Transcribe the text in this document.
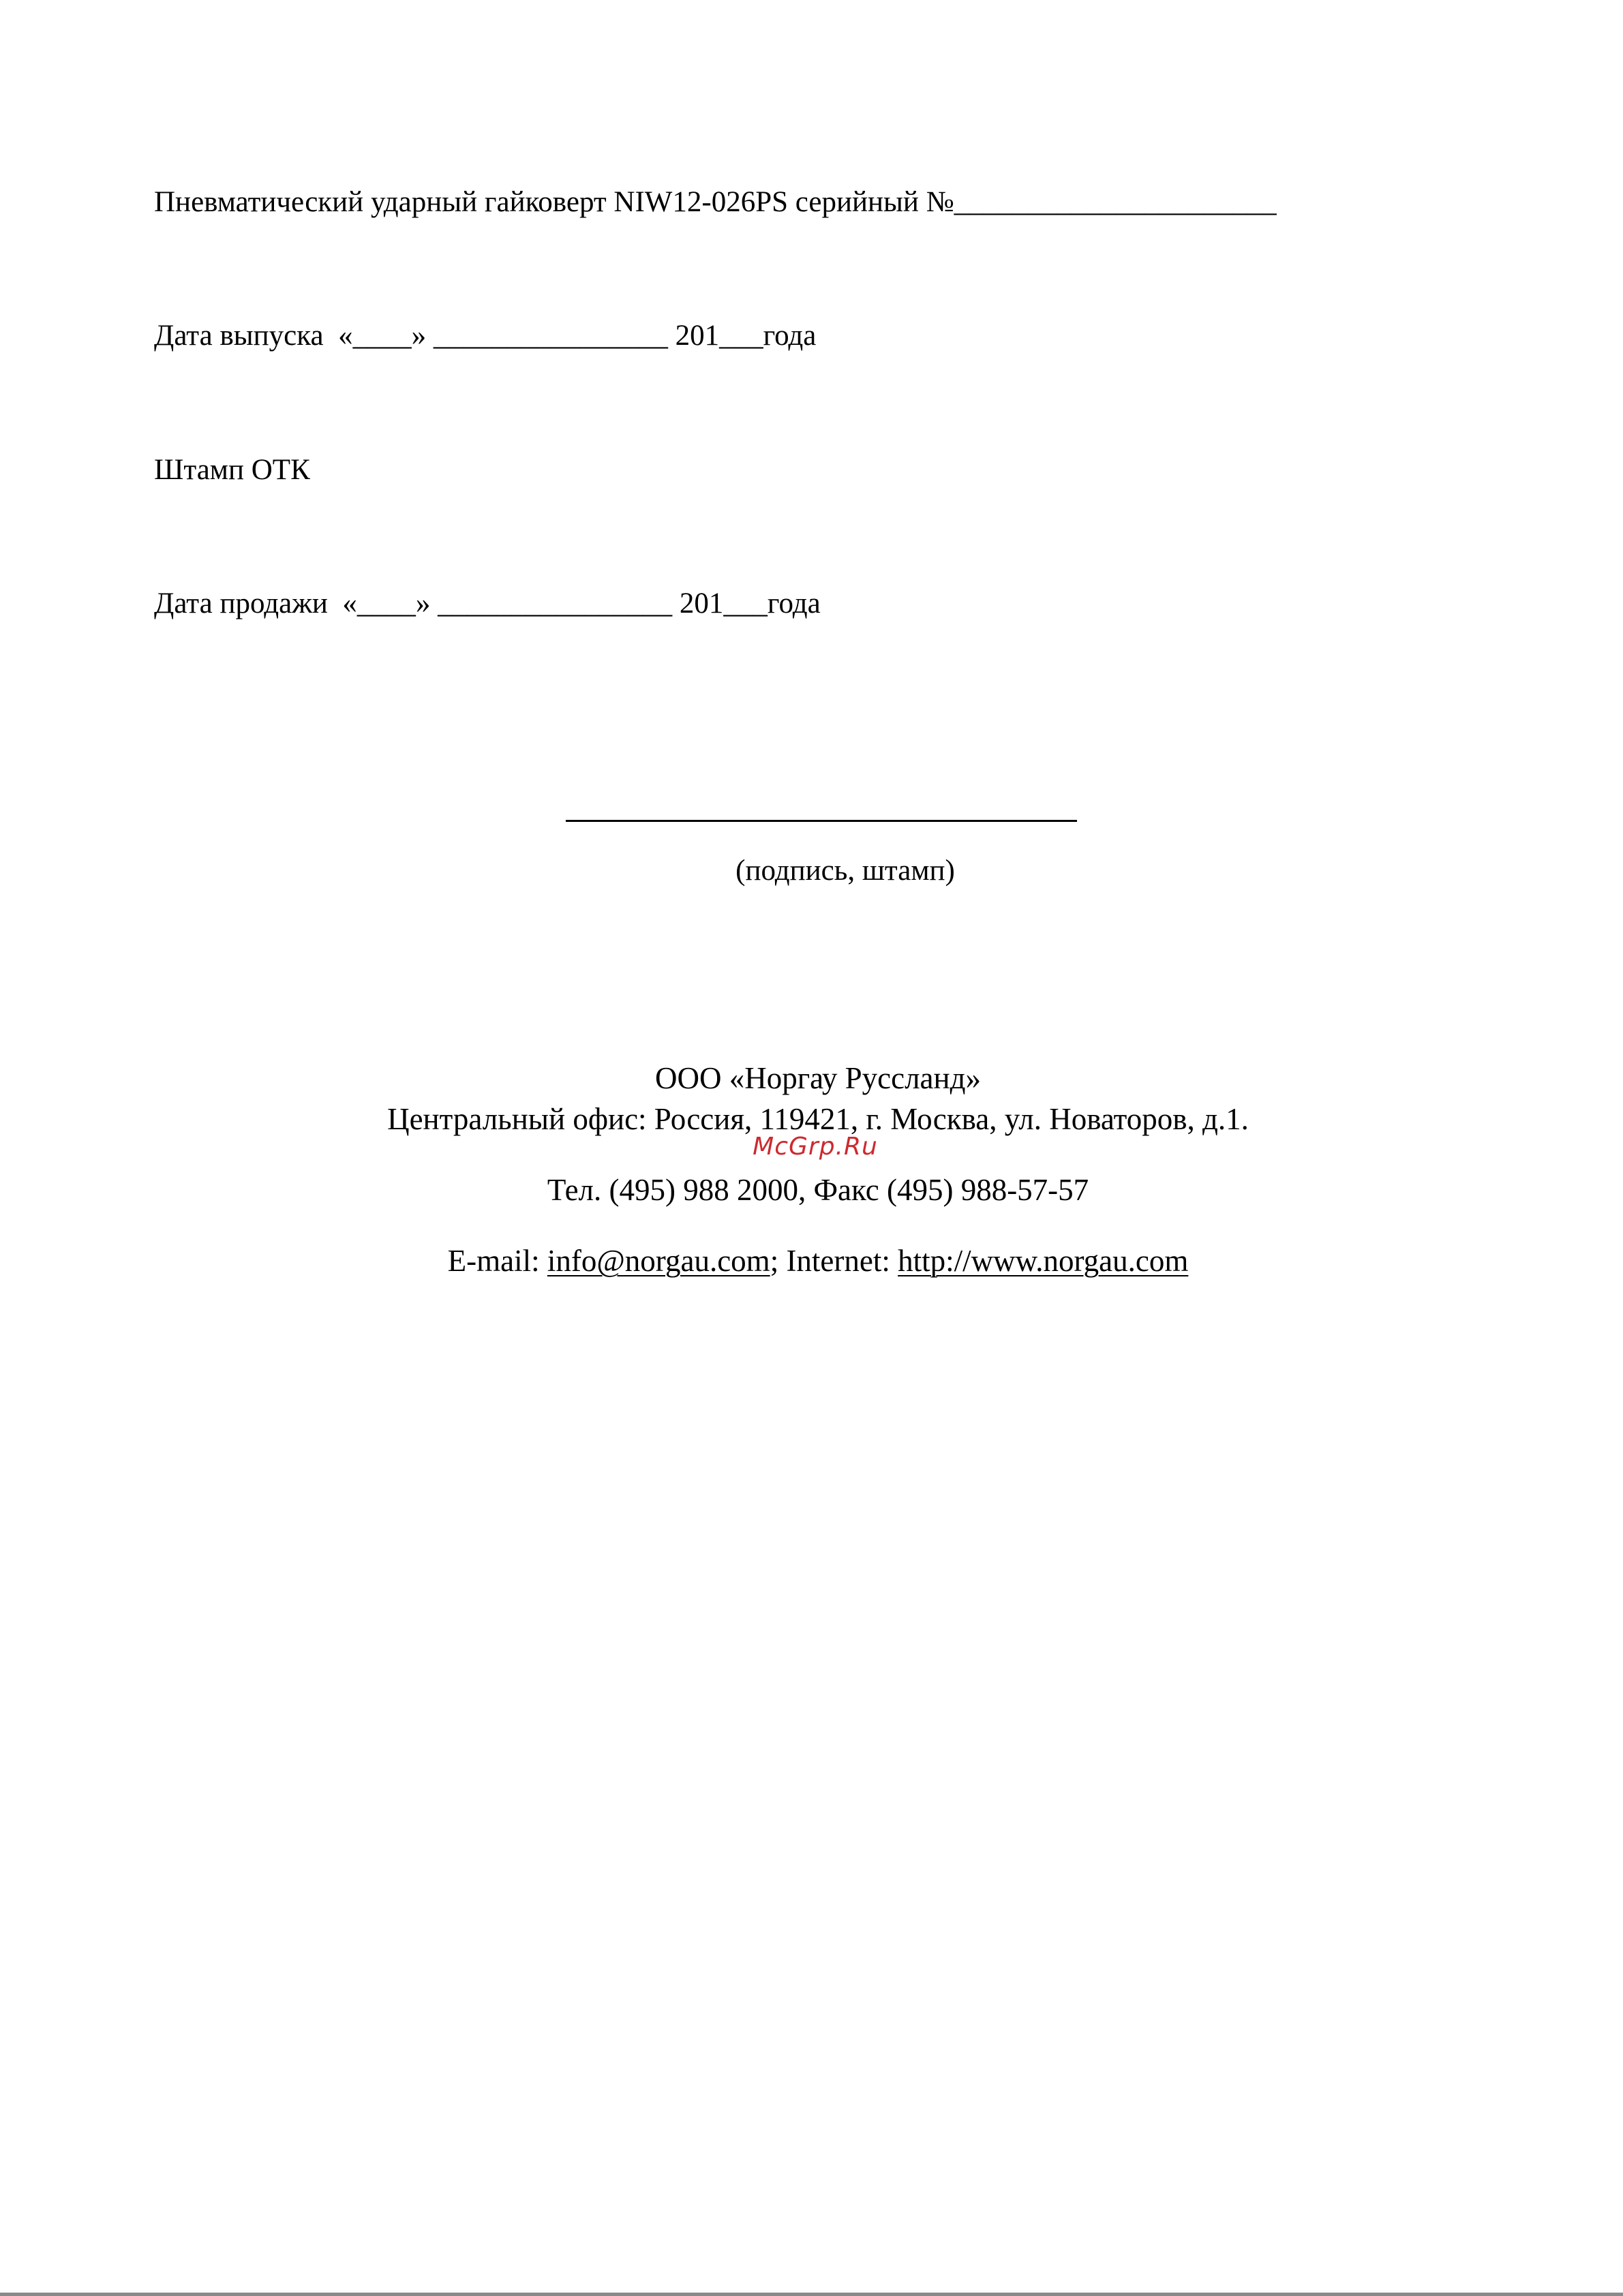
Пневматический ударный гайковерт NIW12-026PS серийный №______________________
Дата выпуска  «____» ________________ 201___года
Штамп ОТК
Дата продажи  «____» ________________ 201___года
(подпись, штамп)
ООО «Норгау Руссланд»
Центральный офис: Россия, 119421, г. Москва, ул. Новаторов, д.1.
McGrp.Ru
Тел. (495) 988 2000, Факс (495) 988-57-57
E-mail: info@norgau.com; Internet: http://www.norgau.com
